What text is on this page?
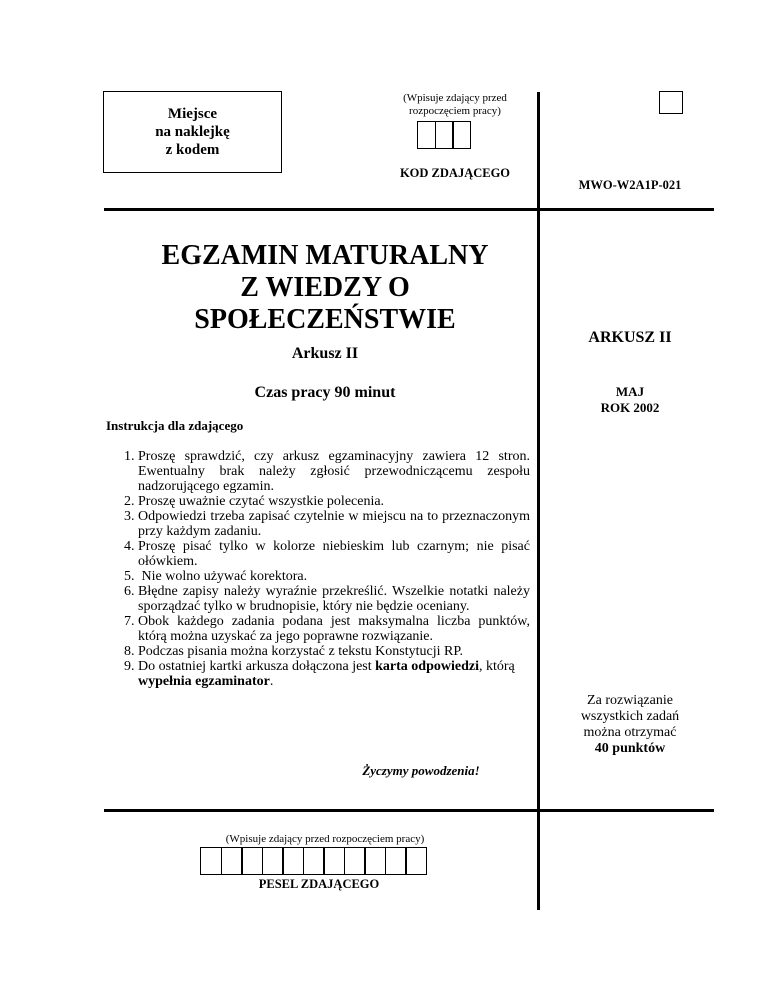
Miejsce
na naklejkę
z kodem
(Wpisuje zdający przed
rozpoczęciem pracy)
KOD ZDAJĄCEGO
MWO-W2A1P-021
EGZAMIN MATURALNY
Z WIEDZY O
SPOŁECZEŃSTWIE
Arkusz II
Czas pracy 90 minut
Instrukcja dla zdającego
1. Proszę sprawdzić, czy arkusz egzaminacyjny zawiera 12 stron. Ewentualny brak należy zgłosić przewodniczącemu zespołu nadzorującego egzamin.
2. Proszę uważnie czytać wszystkie polecenia.
3. Odpowiedzi trzeba zapisać czytelnie w miejscu na to przeznaczonym przy każdym zadaniu.
4. Proszę pisać tylko w kolorze niebieskim lub czarnym; nie pisać ołówkiem.
5.  Nie wolno używać korektora.
6. Błędne zapisy należy wyraźnie przekreślić. Wszelkie notatki należy sporządzać tylko w brudnopisie, który nie będzie oceniany.
7. Obok każdego zadania podana jest maksymalna liczba punktów, którą można uzyskać za jego poprawne rozwiązanie.
8. Podczas pisania można korzystać z tekstu Konstytucji RP.
9. Do ostatniej kartki arkusza dołączona jest karta odpowiedzi, którą wypełnia egzaminator.
Życzymy powodzenia!
ARKUSZ II
MAJ
ROK 2002
Za rozwiązanie
wszystkich zadań
można otrzymać
40 punktów
(Wpisuje zdający przed rozpoczęciem pracy)
PESEL ZDAJĄCEGO
